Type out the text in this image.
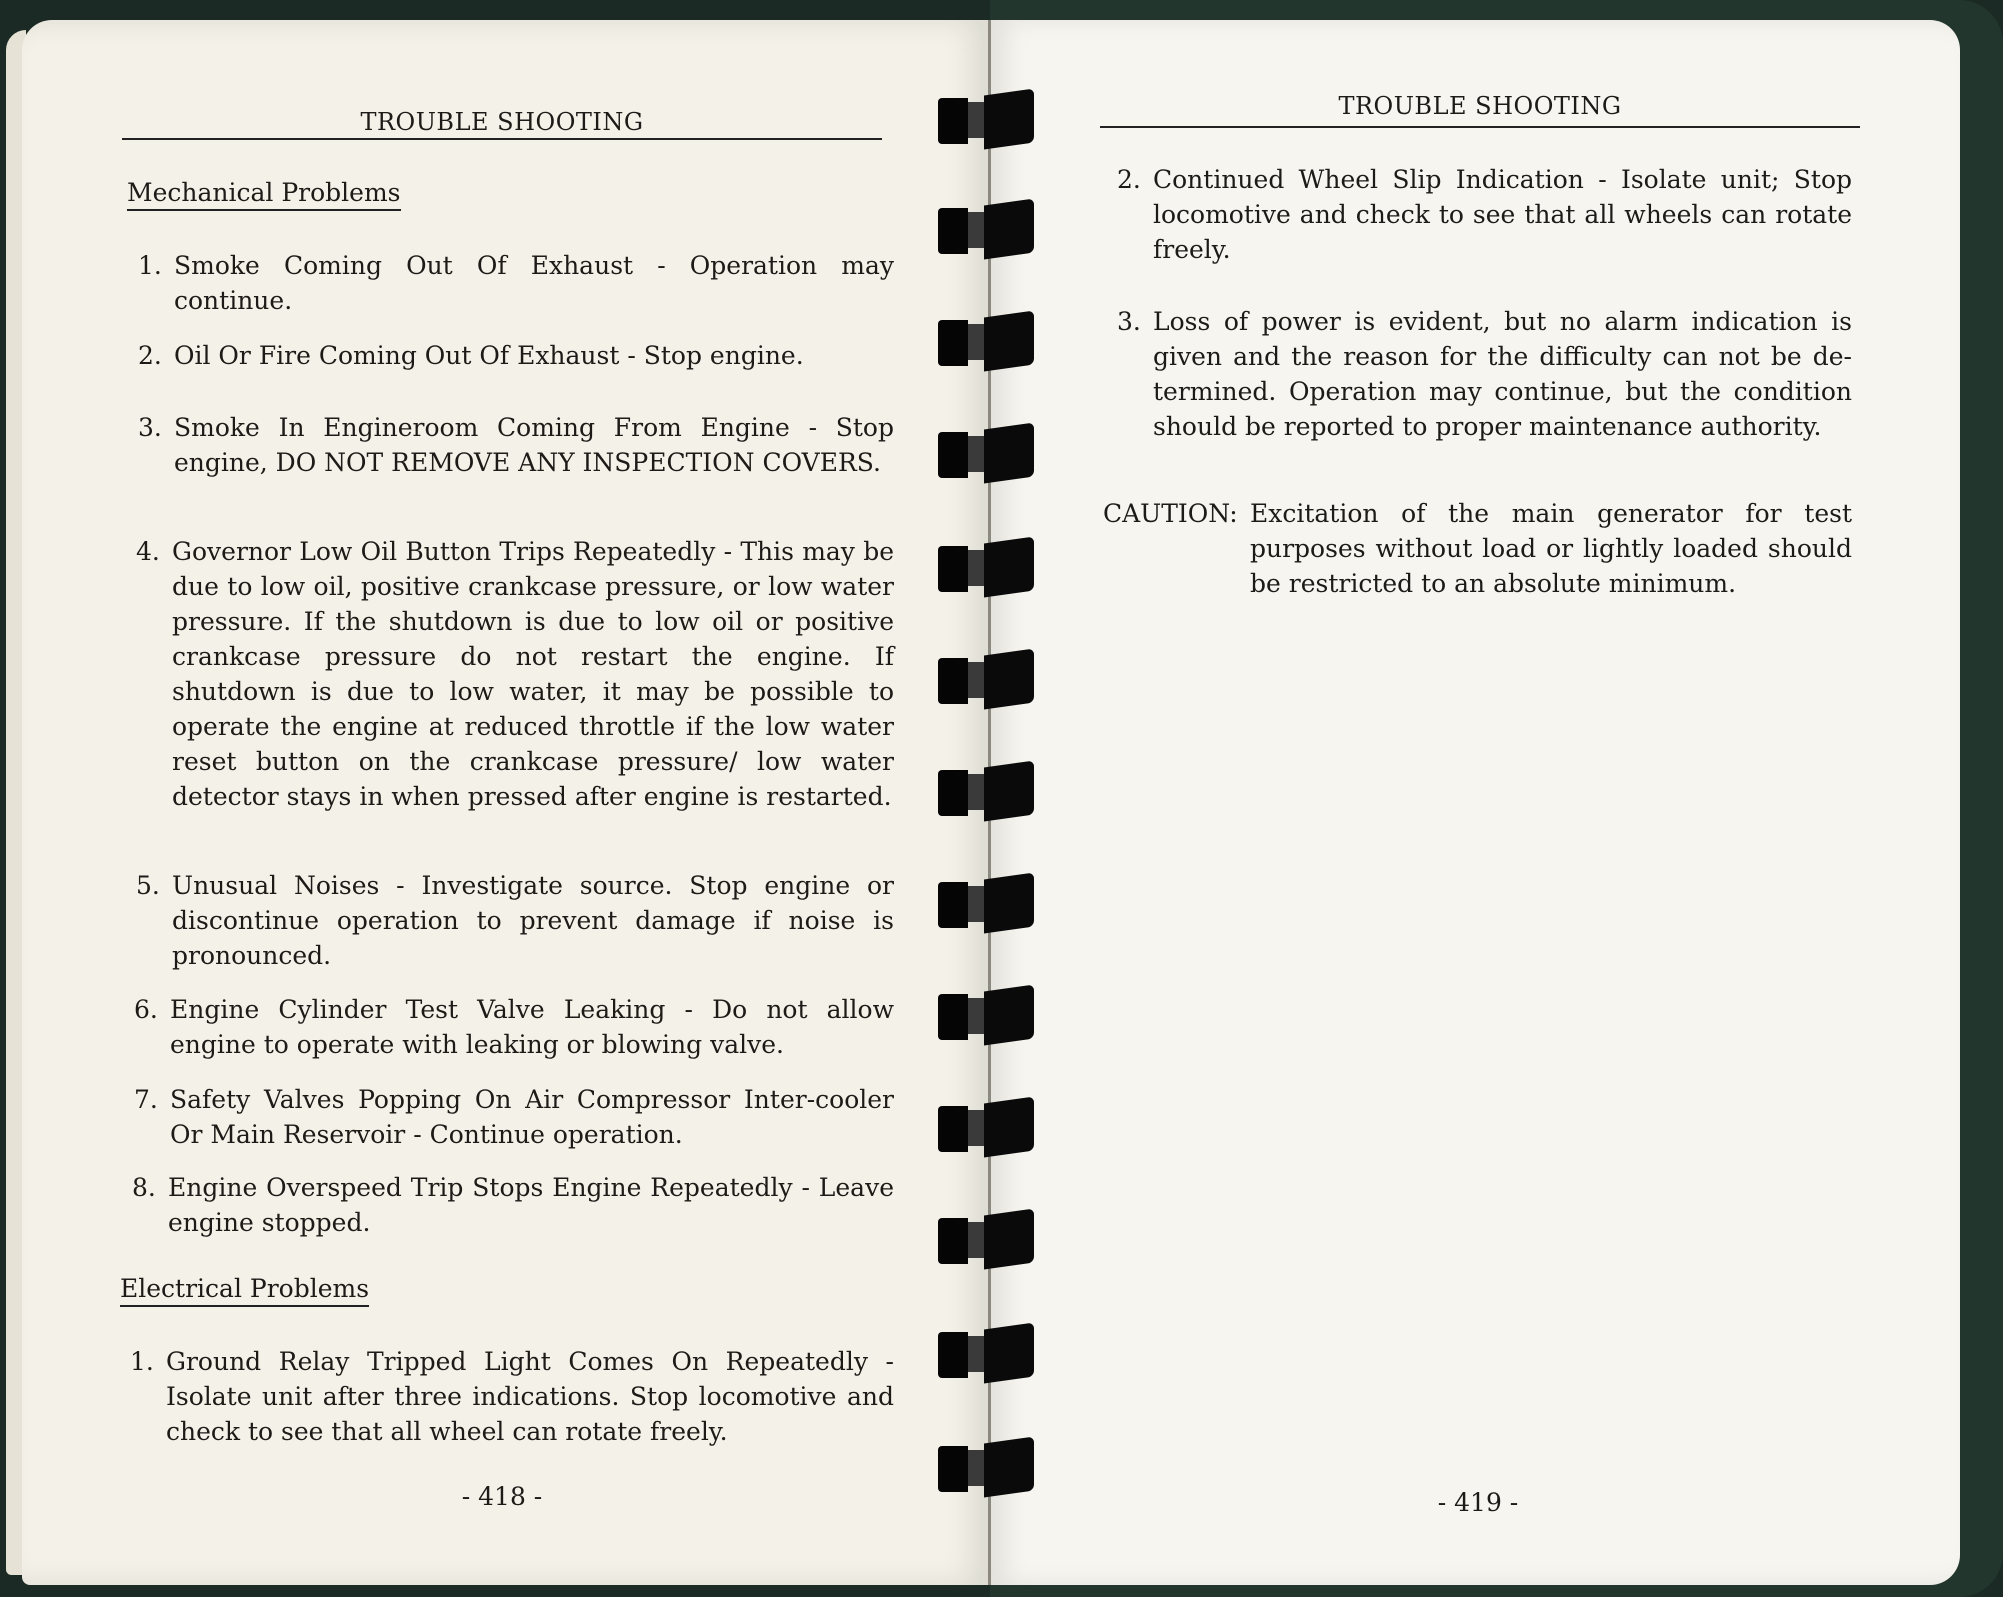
TROUBLE SHOOTING
Mechanical Problems
1. Smoke Coming Out Of Exhaust - Operation may continue.
2. Oil Or Fire Coming Out Of Exhaust - Stop engine.
3. Smoke In Engineroom Coming From Engine - Stop engine, DO NOT REMOVE ANY INSPECTION COVERS.
4. Governor Low Oil Button Trips Repeatedly - This may be due to low oil, positive crankcase pressure, or low water pressure. If the shutdown is due to low oil or positive crankcase pressure do not restart the engine. If shutdown is due to low water, it may be possible to operate the engine at reduced throttle if the low water reset button on the crankcase pressure/ low water detector stays in when pressed after engine is restarted.
5. Unusual Noises - Investigate source. Stop engine or discontinue operation to prevent damage if noise is pronounced.
6. Engine Cylinder Test Valve Leaking - Do not allow engine to operate with leaking or blowing valve.
7. Safety Valves Popping On Air Compressor Inter-cooler Or Main Reservoir - Continue operation.
8. Engine Overspeed Trip Stops Engine Repeatedly - Leave engine stopped.
Electrical Problems
1. Ground Relay Tripped Light Comes On Repeatedly - Isolate unit after three indications. Stop locomotive and check to see that all wheel can rotate freely.
- 418 -
TROUBLE SHOOTING
2. Continued Wheel Slip Indication - Isolate unit; Stop locomotive and check to see that all wheels can rotate freely.
3. Loss of power is evident, but no alarm indication is given and the reason for the difficulty can not be de-termined. Operation may continue, but the condition should be reported to proper maintenance authority.
CAUTION: Excitation of the main generator for test purposes without load or lightly loaded should be restricted to an absolute minimum.
- 419 -
